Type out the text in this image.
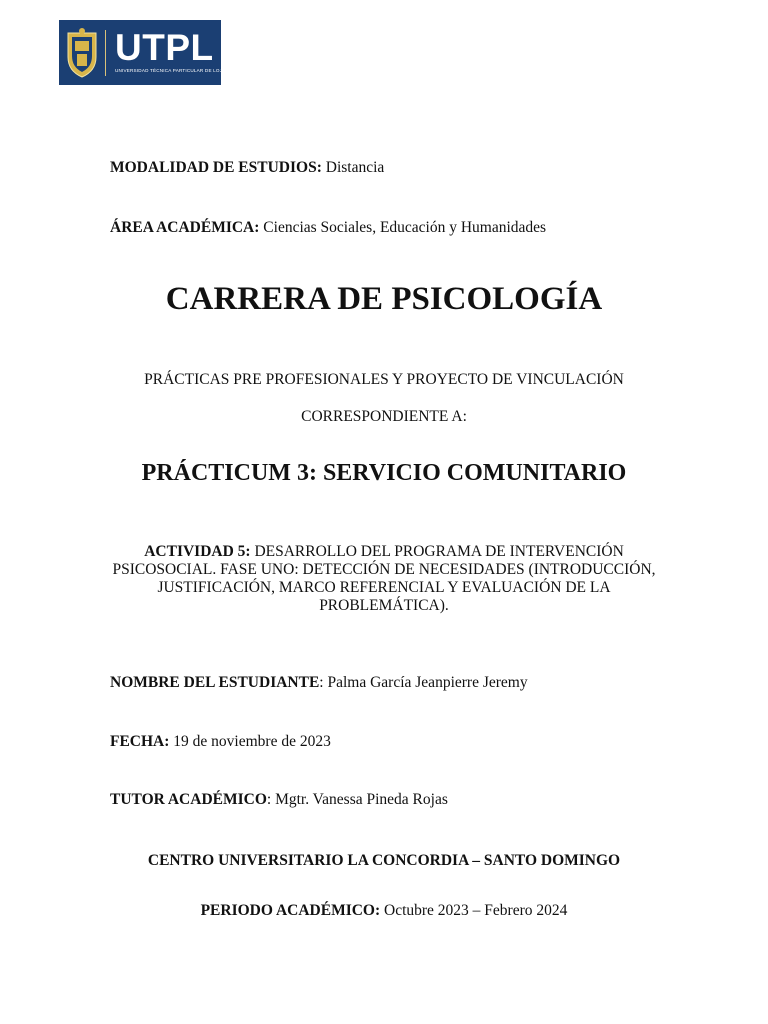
UTPL
UNIVERSIDAD TÉCNICA PARTICULAR DE LOJA
MODALIDAD DE ESTUDIOS: Distancia
ÁREA ACADÉMICA: Ciencias Sociales, Educación y Humanidades
CARRERA DE PSICOLOGÍA
PRÁCTICAS PRE PROFESIONALES Y PROYECTO DE VINCULACIÓN
CORRESPONDIENTE A:
PRÁCTICUM 3: SERVICIO COMUNITARIO
ACTIVIDAD 5: DESARROLLO DEL PROGRAMA DE INTERVENCIÓN PSICOSOCIAL. FASE UNO: DETECCIÓN DE NECESIDADES (INTRODUCCIÓN, JUSTIFICACIÓN, MARCO REFERENCIAL Y EVALUACIÓN DE LA PROBLEMÁTICA).
NOMBRE DEL ESTUDIANTE: Palma García Jeanpierre Jeremy
FECHA: 19 de noviembre de 2023
TUTOR ACADÉMICO: Mgtr. Vanessa Pineda Rojas
CENTRO UNIVERSITARIO LA CONCORDIA – SANTO DOMINGO
PERIODO ACADÉMICO: Octubre 2023 – Febrero 2024
